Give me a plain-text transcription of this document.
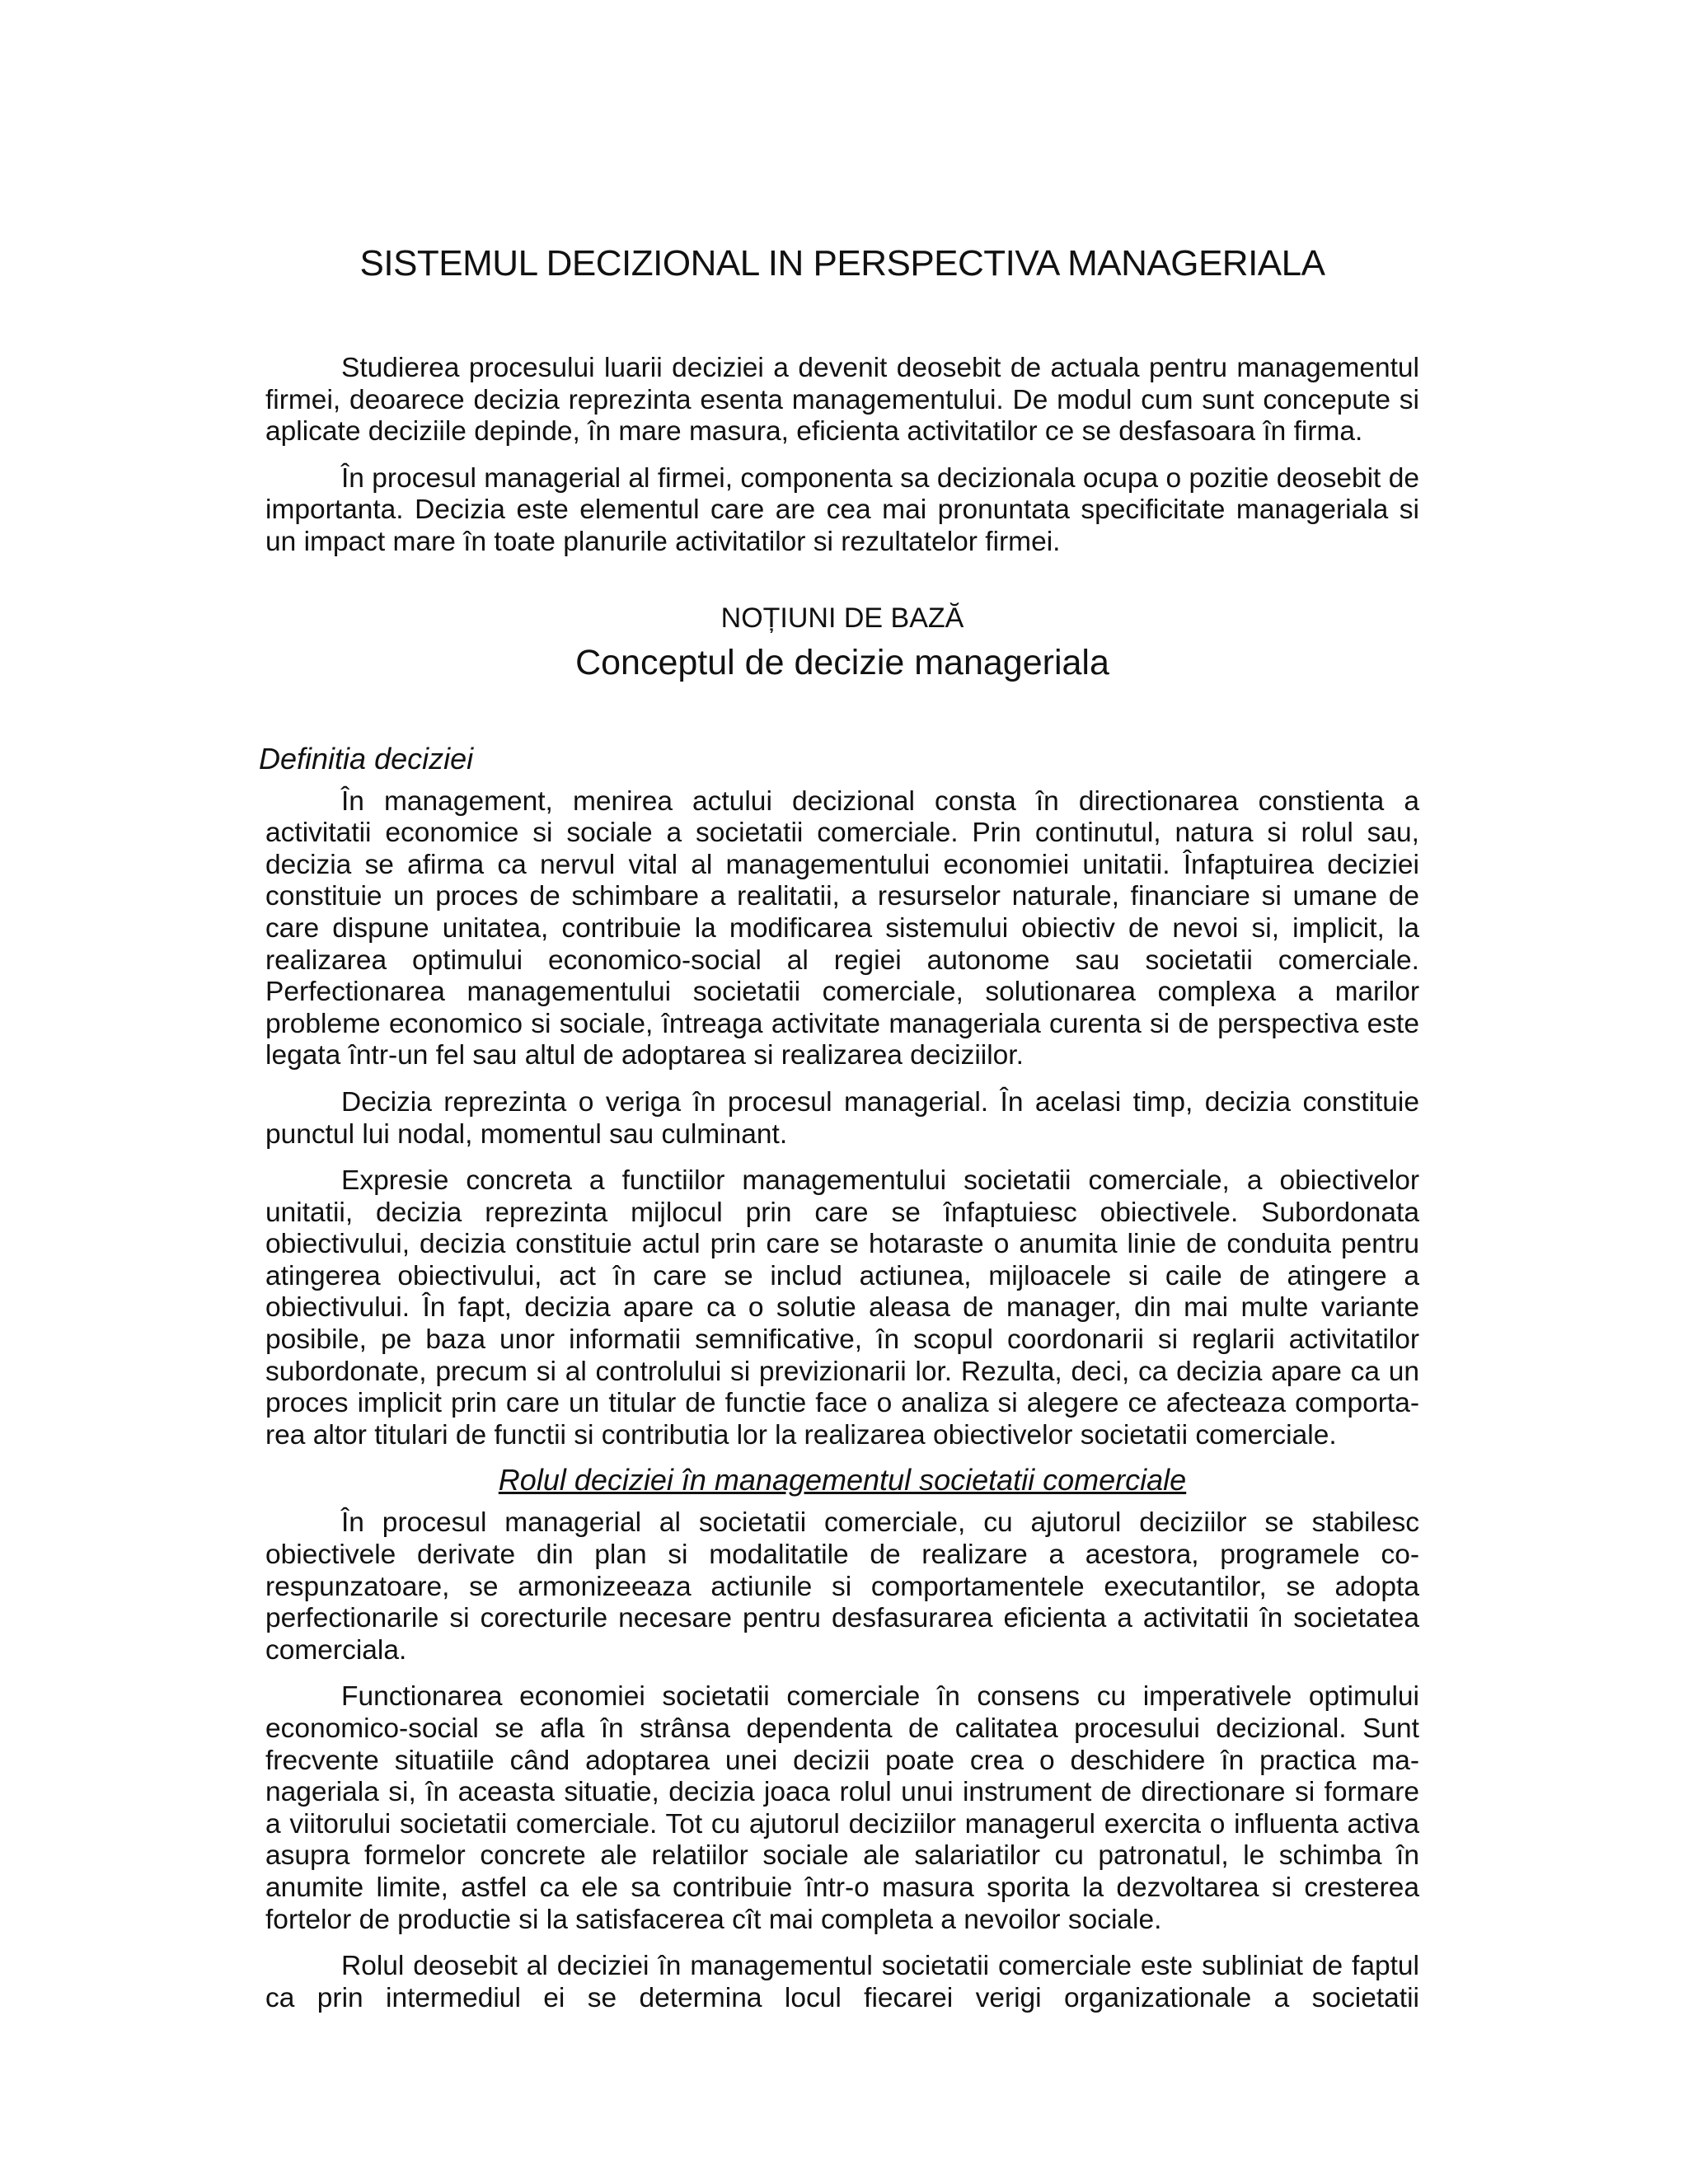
SISTEMUL DECIZIONAL IN PERSPECTIVA MANAGERIALA

Studierea procesului luarii deciziei a devenit deosebit de actuala pentru managementul firmei, deoarece decizia reprezinta esenta managementului. De modul cum sunt concepute si aplicate deciziile depinde, în mare masura, eficienta activitatilor ce se desfasoara în firma.

În procesul managerial al firmei, componenta sa decizionala ocupa o pozitie deosebit de importanta. Decizia este elementul care are cea mai pronuntata specificitate manageriala si un impact mare în toate planurile activitatilor si rezultatelor firmei.

NOȚIUNI DE BAZĂ
Conceptul de decizie manageriala
Definitia deciziei

În management, menirea actului decizional consta în directionarea constienta a activitatii economice si sociale a societatii comerciale. Prin continutul, natura si rolul sau, decizia se afirma ca nervul vital al managementului economiei unitatii. Înfaptuirea deciziei constituie un proces de schimbare a realitatii, a resurselor naturale, financiare si umane de care dispune unitatea, contribuie la modificarea sistemului obiectiv de nevoi si, implicit, la realizarea optimului economico-social al regiei autonome sau societatii comerciale. Perfectionarea managementului societatii comerciale, solutionarea complexa a marilor probleme economico si sociale, întreaga activitate manageriala curenta si de perspectiva este legata într-un fel sau altul de adoptarea si realizarea deciziilor.

Decizia reprezinta o veriga în procesul managerial. În acelasi timp, decizia constituie punctul lui nodal, momentul sau culminant.

Expresie concreta a functiilor managementului societatii comerciale, a obiectivelor unitatii, decizia reprezinta mijlocul prin care se înfaptuiesc obiectivele. Subordonata obiectivului, decizia constituie actul prin care se hotaraste o anumita linie de conduita pentru atingerea obiectivului, act în care se includ actiunea, mijloacele si caile de atingere a obiectivului. În fapt, decizia apare ca o solutie aleasa de manager, din mai multe variante posibile, pe baza unor informatii semnificative, în scopul coordonarii si reglarii activitatilor subordonate, precum si al controlului si previzionarii lor. Rezulta, deci, ca decizia apare ca un proces implicit prin care un titular de functie face o analiza si alegere ce afecteaza comporta-rea altor titulari de functii si contributia lor la realizarea obiectivelor societatii comerciale.

Rolul deciziei în managementul societatii comerciale

În procesul managerial al societatii comerciale, cu ajutorul deciziilor se stabilesc obiectivele derivate din plan si modalitatile de realizare a acestora, programele co-respunzatoare, se armonizeeaza actiunile si comportamentele executantilor, se adopta perfectionarile si corecturile necesare pentru desfasurarea eficienta a activitatii în societatea comerciala.

Functionarea economiei societatii comerciale în consens cu imperativele optimului economico-social se afla în strânsa dependenta de calitatea procesului decizional. Sunt frecvente situatiile când adoptarea unei decizii poate crea o deschidere în practica ma-nageriala si, în aceasta situatie, decizia joaca rolul unui instrument de directionare si formare a viitorului societatii comerciale. Tot cu ajutorul deciziilor managerul exercita o influenta activa asupra formelor concrete ale relatiilor sociale ale salariatilor cu patronatul, le schimba în anumite limite, astfel ca ele sa contribuie într-o masura sporita la dezvoltarea si cresterea fortelor de productie si la satisfacerea cît mai completa a nevoilor sociale.

Rolul deosebit al deciziei în managementul societatii comerciale este subliniat de faptul ca prin intermediul ei se determina locul fiecarei verigi organizationale a societatii
